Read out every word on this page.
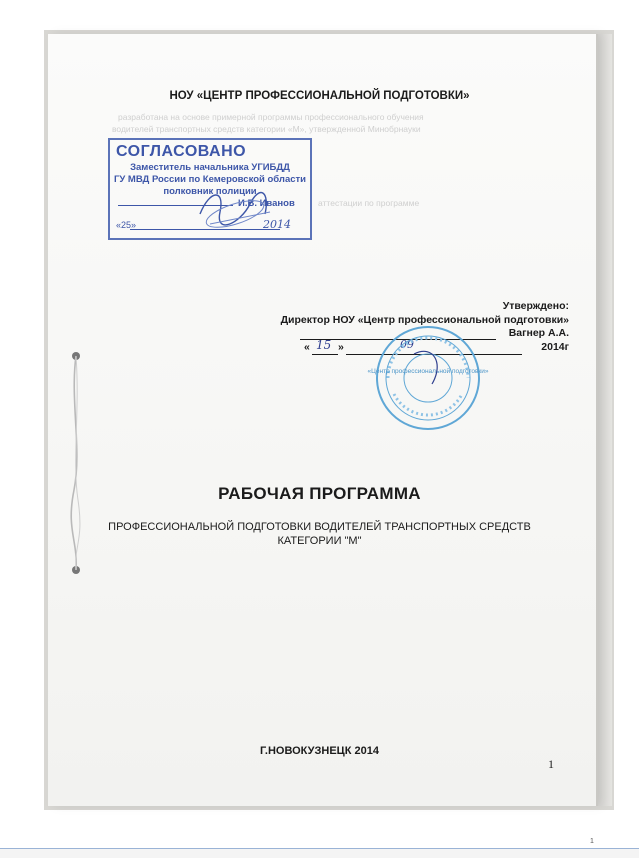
разработана на основе примерной программы профессионального обучения
водителей транспортных средств категории «М», утвержденной Минобрнауки
аттестации по программе
НОУ «ЦЕНТР ПРОФЕССИОНАЛЬНОЙ ПОДГОТОВКИ»
СОГЛАСОВАНО
Заместитель начальника УГИБДД
ГУ МВД России по Кемеровской области
полковник полиции
И.В. Иванов
«25»	2014
Утверждено:
Директор НОУ «Центр профессиональной подготовки»
Вагнер А.А.
« 15 »	09	2014г
«Центр профессиональной подготовки»
РАБОЧАЯ ПРОГРАММА
ПРОФЕССИОНАЛЬНОЙ ПОДГОТОВКИ ВОДИТЕЛЕЙ ТРАНСПОРТНЫХ СРЕДСТВ
КАТЕГОРИИ "М"
Г.НОВОКУЗНЕЦК 2014
1
1
